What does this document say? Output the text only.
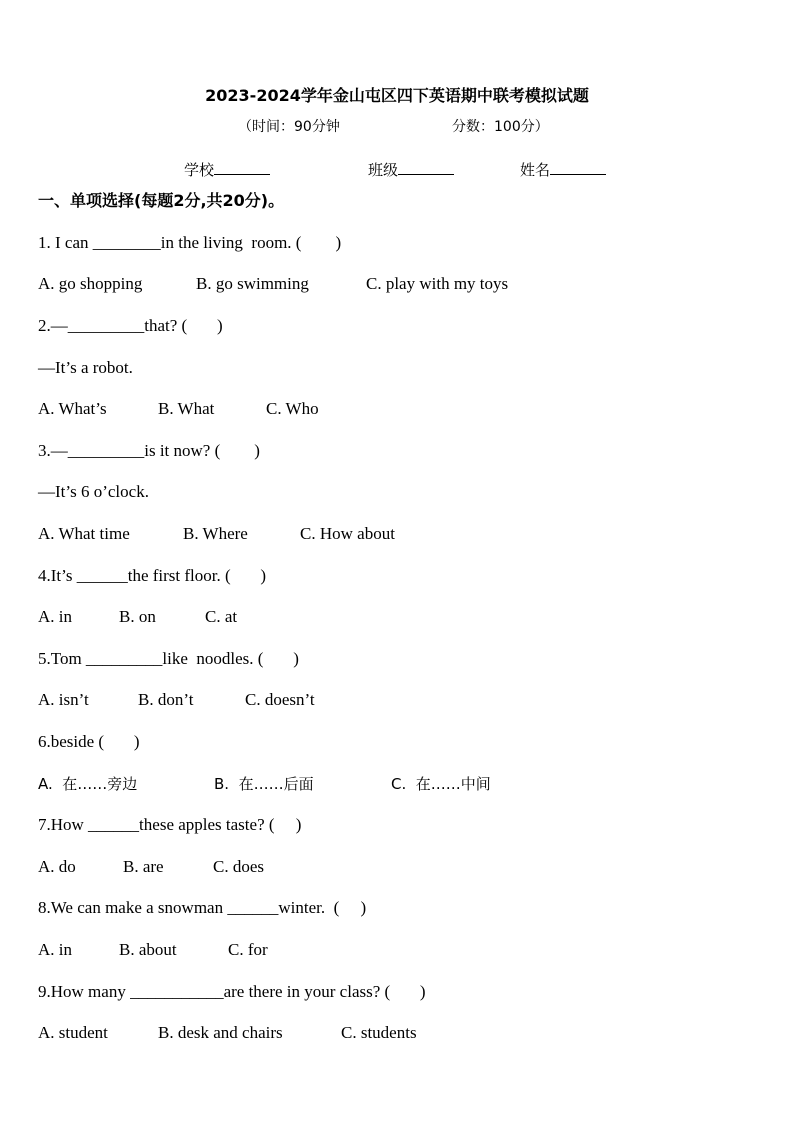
2023-2024学年金山屯区四下英语期中联考模拟试题
（时间：90分钟	分数：100分）
学校	班级	姓名
一、单项选择(每题2分,共20分)。
1. I can ________in the living  room. (        )
A. go shopping	B. go swimming	C. play with my toys
2.—_________that? (       )
—It’s a robot.
A. What’s	B. What	C. Who
3.—_________is it now? (        )
—It’s 6 o’clock.
A. What time	B. Where	C. How about
4.It’s ______the first floor. (       )
A. in	B. on	C. at
5.Tom _________like  noodles. (       )
A. isn’t	B. don’t	C. doesn’t
6.beside (       )
A.  在……旁边	B.  在……后面	C.  在……中间
7.How ______these apples taste? (     )
A. do	B. are	C. does
8.We can make a snowman ______winter.  (     )
A. in	B. about	C. for
9.How many ___________are there in your class? (       )
A. student	B. desk and chairs	C. students
